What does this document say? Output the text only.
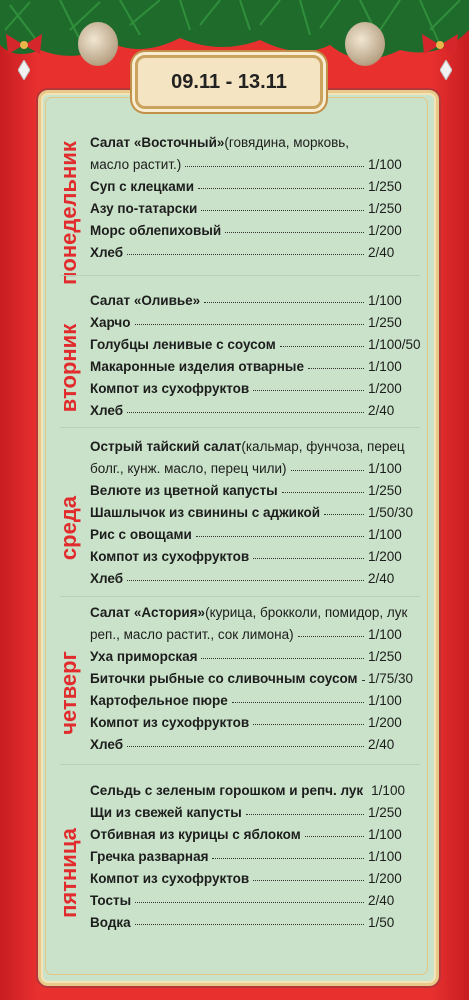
09.11 - 13.11
понедельник
вторник
среда
четверг
пятница
Салат «Восточный» (говядина, морковь,
масло растит.)	1/100
Суп с клецками	1/250
Азу по-татарски	1/250
Морс облепиховый	1/200
Хлеб	2/40
Салат «Оливье»	1/100
Харчо	1/250
Голубцы ленивые с соусом	1/100/50
Макаронные изделия отварные	1/100
Компот из сухофруктов	1/200
Хлеб	2/40
Острый тайский салат (кальмар, фунчоза, перец
болг., кунж. масло, перец чили)	1/100
Велюте из цветной капусты	1/250
Шашлычок из свинины с аджикой	1/50/30
Рис с овощами	1/100
Компот из сухофруктов	1/200
Хлеб	2/40
Салат «Астория» (курица, брокколи, помидор, лук
реп., масло растит., сок лимона)	1/100
Уха приморская	1/250
Биточки рыбные со сливочным соусом 1/75/30
Картофельное пюре	1/100
Компот из сухофруктов	1/200
Хлеб	2/40
Сельдь с зеленым горошком и репч. лук 1/100
Щи из свежей капусты	1/250
Отбивная из курицы с яблоком	1/100
Гречка разварная	1/100
Компот из сухофруктов	1/200
Тосты	2/40
Водка	1/50
